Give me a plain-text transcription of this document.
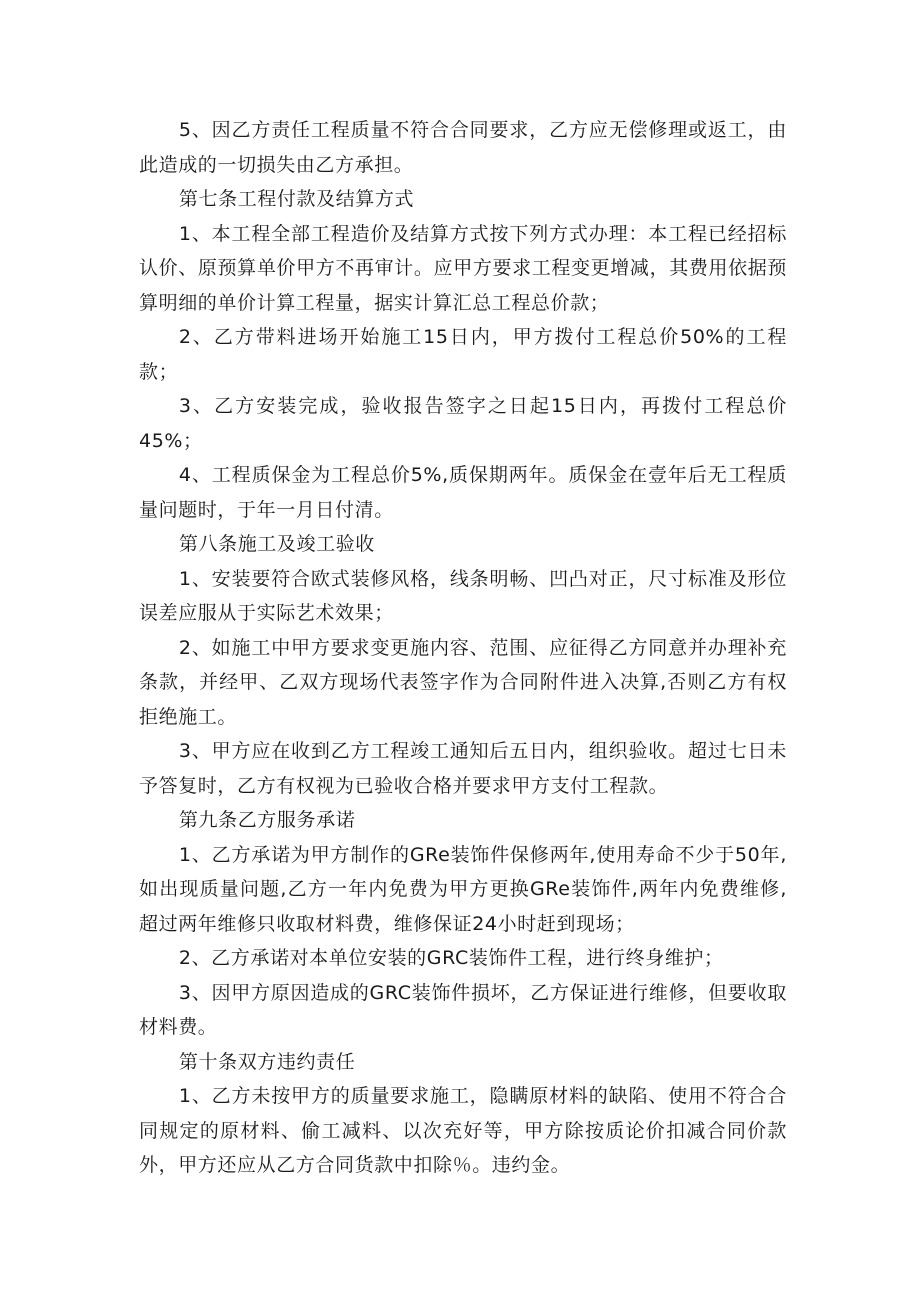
5、因乙方责任工程质量不符合合同要求，乙方应无偿修理或返工，由此造成的一切损失由乙方承担。

第七条工程付款及结算方式

1、本工程全部工程造价及结算方式按下列方式办理：本工程已经招标认价、原预算单价甲方不再审计。应甲方要求工程变更增减，其费用依据预算明细的单价计算工程量，据实计算汇总工程总价款；

2、乙方带料进场开始施工15日内，甲方拨付工程总价50%的工程款；

3、乙方安装完成，验收报告签字之日起15日内，再拨付工程总价45%；

4、工程质保金为工程总价5%,质保期两年。质保金在壹年后无工程质量问题时，于年一月日付清。

第八条施工及竣工验收

1、安装要符合欧式装修风格，线条明畅、凹凸对正，尺寸标准及形位误差应服从于实际艺术效果；

2、如施工中甲方要求变更施内容、范围、应征得乙方同意并办理补充条款，并经甲、乙双方现场代表签字作为合同附件进入决算,否则乙方有权拒绝施工。

3、甲方应在收到乙方工程竣工通知后五日内，组织验收。超过七日未予答复时，乙方有权视为已验收合格并要求甲方支付工程款。

第九条乙方服务承诺

1、乙方承诺为甲方制作的GRe装饰件保修两年,使用寿命不少于50年,如出现质量问题,乙方一年内免费为甲方更换GRe装饰件,两年内免费维修,超过两年维修只收取材料费，维修保证24小时赶到现场；

2、乙方承诺对本单位安装的GRC装饰件工程，进行终身维护；

3、因甲方原因造成的GRC装饰件损坏，乙方保证进行维修，但要收取材料费。

第十条双方违约责任

1、乙方未按甲方的质量要求施工，隐瞒原材料的缺陷、使用不符合合同规定的原材料、偷工减料、以次充好等，甲方除按质论价扣减合同价款外，甲方还应从乙方合同货款中扣除％。违约金。
